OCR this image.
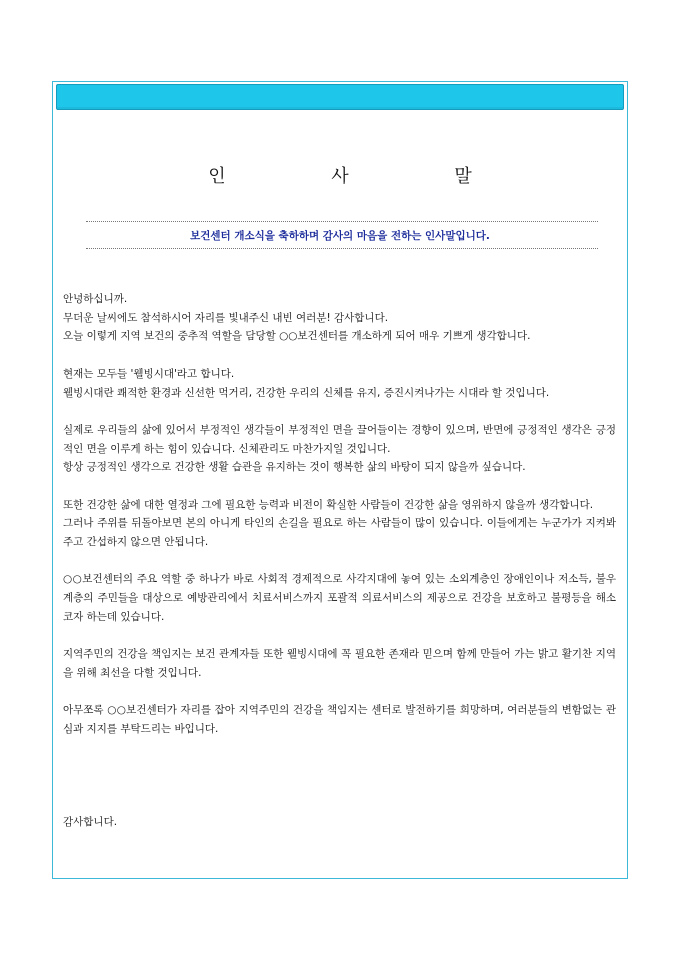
인 사 말

보건센터 개소식을 축하하며 감사의 마음을 전하는 인사말입니다.

안녕하십니까.
무더운 날씨에도 참석하시어 자리를 빛내주신 내빈 여러분! 감사합니다.
오늘 이렇게 지역 보건의 중추적 역할을 담당할 ○○보건센터를 개소하게 되어 매우 기쁘게 생각합니다.

현재는 모두들 '웰빙시대'라고 합니다.
웰빙시대란 쾌적한 환경과 신선한 먹거리, 건강한 우리의 신체를 유지, 증진시켜나가는 시대라 할 것입니다.

실제로 우리들의 삶에 있어서 부정적인 생각들이 부정적인 면을 끌어들이는 경향이 있으며, 반면에 긍정적인 생각은 긍정적인 면을 이루게 하는 힘이 있습니다. 신체관리도 마찬가지일 것입니다.
항상 긍정적인 생각으로 건강한 생활 습관을 유지하는 것이 행복한 삶의 바탕이 되지 않을까 싶습니다.

또한 건강한 삶에 대한 열정과 그에 필요한 능력과 비전이 확실한 사람들이 건강한 삶을 영위하지 않을까 생각합니다.
그러나 주위를 뒤돌아보면 본의 아니게 타인의 손길을 필요로 하는 사람들이 많이 있습니다. 이들에게는 누군가가 지켜봐 주고 간섭하지 않으면 안됩니다.

○○보건센터의 주요 역할 중 하나가 바로 사회적 경제적으로 사각지대에 놓여 있는 소외계층인 장애인이나 저소득, 불우계층의 주민들을 대상으로 예방관리에서 치료서비스까지 포괄적 의료서비스의 제공으로 건강을 보호하고 불평등을 해소코자 하는데 있습니다.

지역주민의 건강을 책임지는 보건 관계자들 또한 웰빙시대에 꼭 필요한 존재라 믿으며 함께 만들어 가는 밝고 활기찬 지역을 위해 최선을 다할 것입니다.

아무쪼록 ○○보건센터가 자리를 잡아 지역주민의 건강을 책임지는 센터로 발전하기를 희망하며, 여러분들의 변함없는 관심과 지지를 부탁드리는 바입니다.

감사합니다.
